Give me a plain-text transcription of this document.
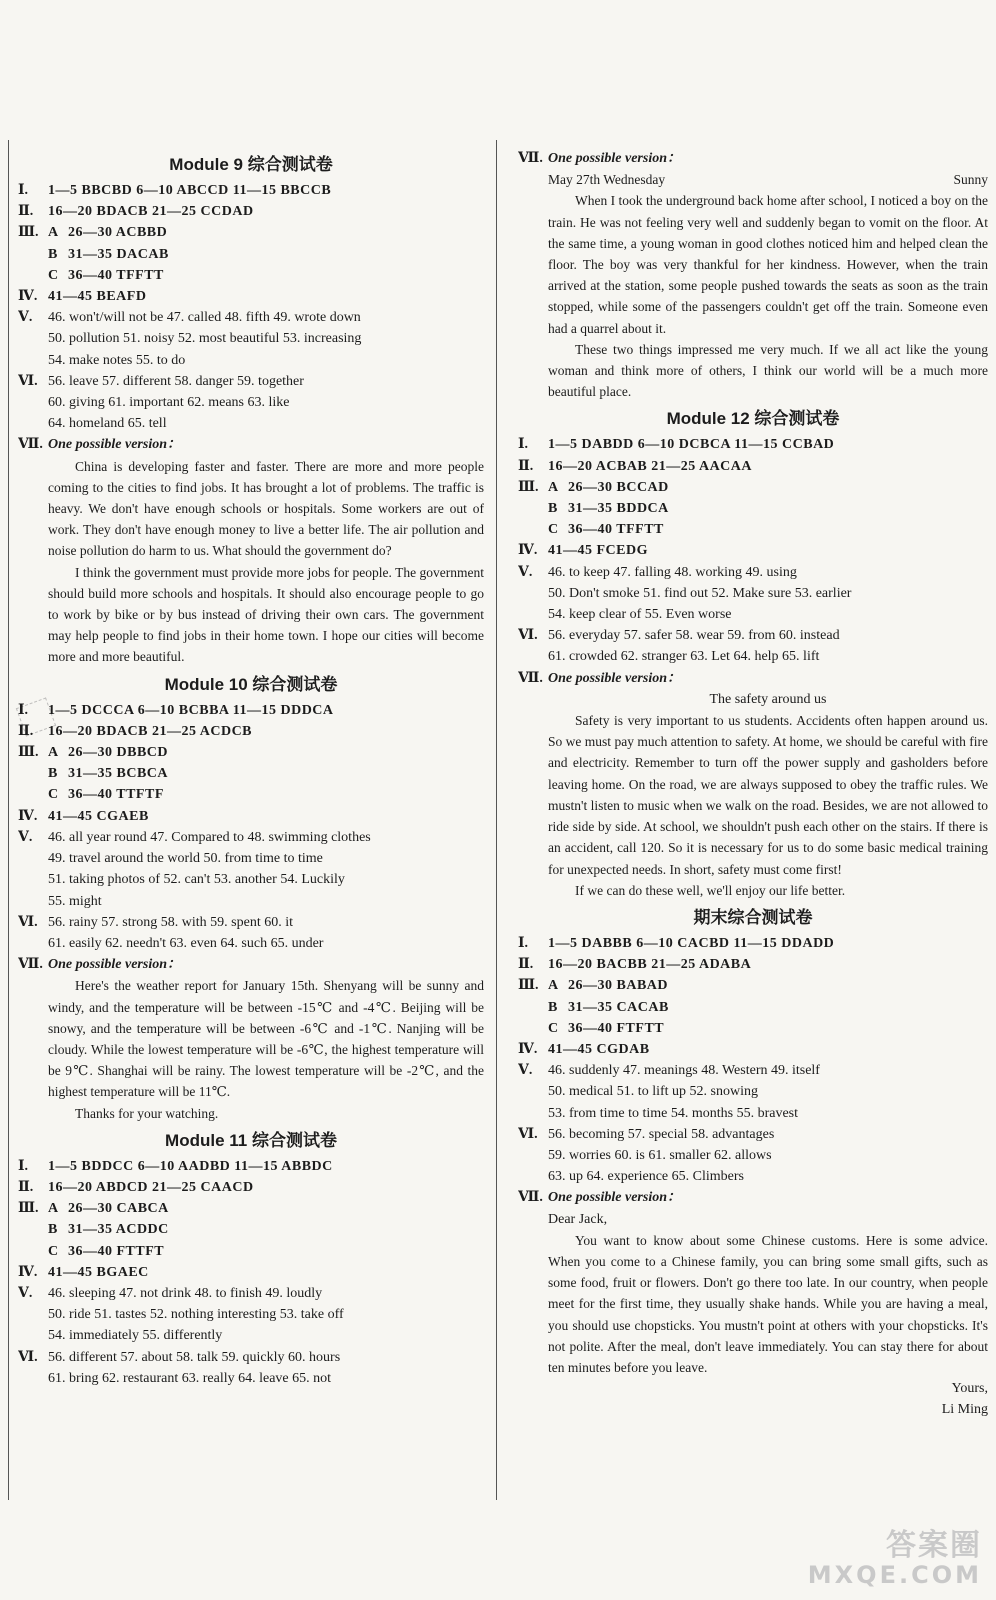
Module 9 综合测试卷
Ⅰ. 1—5 BBCBD 6—10 ABCCD 11—15 BBCCB
Ⅱ. 16—20 BDACB 21—25 CCDAD
Ⅲ. A 26—30 ACBBD
B 31—35 DACAB
C 36—40 TFFTT
Ⅳ. 41—45 BEAFD
Ⅴ. 46. won't/will not be 47. called 48. fifth 49. wrote down
50. pollution 51. noisy 52. most beautiful 53. increasing
54. make notes 55. to do
Ⅵ. 56. leave 57. different 58. danger 59. together
60. giving 61. important 62. means 63. like
64. homeland 65. tell
Ⅶ. One possible version：

China is developing faster and faster. There are more and more people coming to the cities to find jobs. It has brought a lot of problems. The traffic is heavy. We don't have enough schools or hospitals. Some workers are out of work. They don't have enough money to live a better life. The air pollution and noise pollution do harm to us. What should the government do?

I think the government must provide more jobs for people. The government should build more schools and hospitals. It should also encourage people to go to work by bike or by bus instead of driving their own cars. The government may help people to find jobs in their home town. I hope our cities will become more and more beautiful.

Module 10 综合测试卷
Ⅰ. 1—5 DCCCA 6—10 BCBBA 11—15 DDDCA
Ⅱ. 16—20 BDACB 21—25 ACDCB
Ⅲ. A 26—30 DBBCD
B 31—35 BCBCA
C 36—40 TTFTF
Ⅳ. 41—45 CGAEB
Ⅴ. 46. all year round 47. Compared to 48. swimming clothes
49. travel around the world 50. from time to time
51. taking photos of 52. can't 53. another 54. Luckily
55. might
Ⅵ. 56. rainy 57. strong 58. with 59. spent 60. it
61. easily 62. needn't 63. even 64. such 65. under
Ⅶ. One possible version：

Here's the weather report for January 15th. Shenyang will be sunny and windy, and the temperature will be between -15℃ and -4℃. Beijing will be snowy, and the temperature will be between -6℃ and -1℃. Nanjing will be cloudy. While the lowest temperature will be -6℃, the highest temperature will be 9℃. Shanghai will be rainy. The lowest temperature will be -2℃, and the highest temperature will be 11℃.

Thanks for your watching.

Module 11 综合测试卷
Ⅰ. 1—5 BDDCC 6—10 AADBD 11—15 ABBDC
Ⅱ. 16—20 ABDCD 21—25 CAACD
Ⅲ. A 26—30 CABCA
B 31—35 ACDDC
C 36—40 FTTFT
Ⅳ. 41—45 BGAEC
Ⅴ. 46. sleeping 47. not drink 48. to finish 49. loudly
50. ride 51. tastes 52. nothing interesting 53. take off
54. immediately 55. differently
Ⅵ. 56. different 57. about 58. talk 59. quickly 60. hours
61. bring 62. restaurant 63. really 64. leave 65. not
Ⅶ. One possible version：
May 27th Wednesday	Sunny

When I took the underground back home after school, I noticed a boy on the train. He was not feeling very well and suddenly began to vomit on the floor. At the same time, a young woman in good clothes noticed him and helped clean the floor. The boy was very thankful for her kindness. However, when the train arrived at the station, some people pushed towards the seats as soon as the train stopped, while some of the passengers couldn't get off the train. Someone even had a quarrel about it.

These two things impressed me very much. If we all act like the young woman and think more of others, I think our world will be a much more beautiful place.

Module 12 综合测试卷
Ⅰ. 1—5 DABDD 6—10 DCBCA 11—15 CCBAD
Ⅱ. 16—20 ACBAB 21—25 AACAA
Ⅲ. A 26—30 BCCAD
B 31—35 BDDCA
C 36—40 TFFTT
Ⅳ. 41—45 FCEDG
Ⅴ. 46. to keep 47. falling 48. working 49. using
50. Don't smoke 51. find out 52. Make sure 53. earlier
54. keep clear of 55. Even worse
Ⅵ. 56. everyday 57. safer 58. wear 59. from 60. instead
61. crowded 62. stranger 63. Let 64. help 65. lift
Ⅶ. One possible version：
The safety around us

Safety is very important to us students. Accidents often happen around us. So we must pay much attention to safety. At home, we should be careful with fire and electricity. Remember to turn off the power supply and gasholders before leaving home. On the road, we are always supposed to obey the traffic rules. We mustn't listen to music when we walk on the road. Besides, we are not allowed to ride side by side. At school, we shouldn't push each other on the stairs. If there is an accident, call 120. So it is necessary for us to do some basic medical training for unexpected needs. In short, safety must come first!

If we can do these well, we'll enjoy our life better.

期末综合测试卷
Ⅰ. 1—5 DABBB 6—10 CACBD 11—15 DDADD
Ⅱ. 16—20 BACBB 21—25 ADABA
Ⅲ. A 26—30 BABAD
B 31—35 CACAB
C 36—40 FTFTT
Ⅳ. 41—45 CGDAB
Ⅴ. 46. suddenly 47. meanings 48. Western 49. itself
50. medical 51. to lift up 52. snowing
53. from time to time 54. months 55. bravest
Ⅵ. 56. becoming 57. special 58. advantages
59. worries 60. is 61. smaller 62. allows
63. up 64. experience 65. Climbers
Ⅶ. One possible version：
Dear Jack,

You want to know about some Chinese customs. Here is some advice. When you come to a Chinese family, you can bring some small gifts, such as some food, fruit or flowers. Don't go there too late. In our country, when people meet for the first time, they usually shake hands. While you are having a meal, you should use chopsticks. You mustn't point at others with your chopsticks. It's not polite. After the meal, don't leave immediately. You can stay there for about ten minutes before you leave.

Yours,
Li Ming
答案圈
MXQE.COM
